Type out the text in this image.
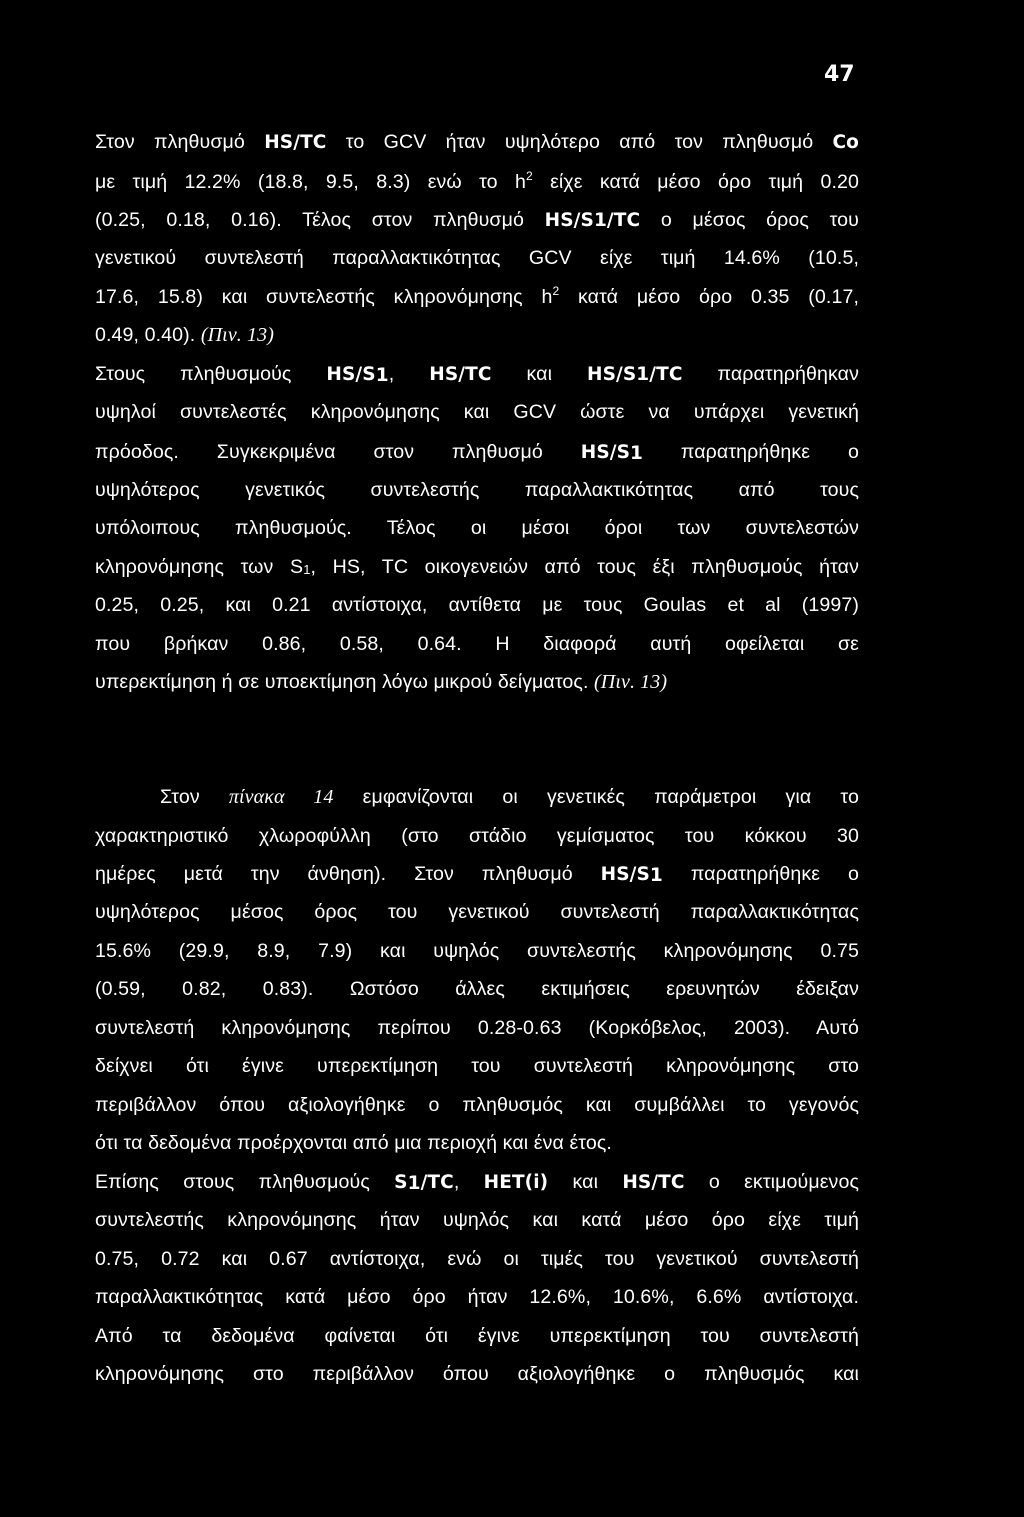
47
Στον πληθυσμό HS/TC το GCV ήταν υψηλότερο από τον πληθυσμό Co
με τιμή 12.2% (18.8, 9.5, 8.3) ενώ το $h^2$ είχε κατά μέσο όρο τιμή 0.20
(0.25, 0.18, 0.16). Τέλος στον πληθυσμό HS/S1/TC ο μέσος όρος του
γενετικού συντελεστή παραλλακτικότητας GCV είχε τιμή 14.6% (10.5,
17.6, 15.8) και συντελεστής κληρονόμησης $h^2$ κατά μέσο όρο 0.35 (0.17,
0.49, 0.40). (Πιν. 13)
Στους πληθυσμούς $HS/S_1$, HS/TC και HS/S1/TC παρατηρήθηκαν
υψηλοί συντελεστές κληρονόμησης και GCV ώστε να υπάρχει γενετική
πρόοδος. Συγκεκριμένα στον πληθυσμό $HS/S_1$ παρατηρήθηκε ο
υψηλότερος γενετικός συντελεστής παραλλακτικότητας από τους
υπόλοιπους πληθυσμούς. Τέλος οι μέσοι όροι των συντελεστών
κληρονόμησης των $S_1$, HS, TC οικογενειών από τους έξι πληθυσμούς ήταν
0.25, 0.25, και 0.21 αντίστοιχα, αντίθετα με τους Goulas et al (1997)
που βρήκαν 0.86, 0.58, 0.64. Η διαφορά αυτή οφείλεται σε
υπερεκτίμηση ή σε υποεκτίμηση λόγω μικρού δείγματος. (Πιν. 13)
Στον πίνακα 14 εμφανίζονται οι γενετικές παράμετροι για το
χαρακτηριστικό χλωροφύλλη (στο στάδιο γεμίσματος του κόκκου 30
ημέρες μετά την άνθηση). Στον πληθυσμό $HS/S_1$ παρατηρήθηκε ο
υψηλότερος μέσος όρος του γενετικού συντελεστή παραλλακτικότητας
15.6% (29.9, 8.9, 7.9) και υψηλός συντελεστής κληρονόμησης 0.75
(0.59, 0.82, 0.83). Ωστόσο άλλες εκτιμήσεις ερευνητών έδειξαν
συντελεστή κληρονόμησης περίπου 0.28-0.63 (Κορκόβελος, 2003). Αυτό
δείχνει ότι έγινε υπερεκτίμηση του συντελεστή κληρονόμησης στο
περιβάλλον όπου αξιολογήθηκε ο πληθυσμός και συμβάλλει το γεγονός
ότι τα δεδομένα προέρχονται από μια περιοχή και ένα έτος.
Επίσης στους πληθυσμούς $S_1/TC$, HET(i) και HS/TC ο εκτιμούμενος
συντελεστής κληρονόμησης ήταν υψηλός και κατά μέσο όρο είχε τιμή
0.75, 0.72 και 0.67 αντίστοιχα, ενώ οι τιμές του γενετικού συντελεστή
παραλλακτικότητας κατά μέσο όρο ήταν 12.6%, 10.6%, 6.6% αντίστοιχα.
Από τα δεδομένα φαίνεται ότι έγινε υπερεκτίμηση του συντελεστή
κληρονόμησης στο περιβάλλον όπου αξιολογήθηκε ο πληθυσμός και
